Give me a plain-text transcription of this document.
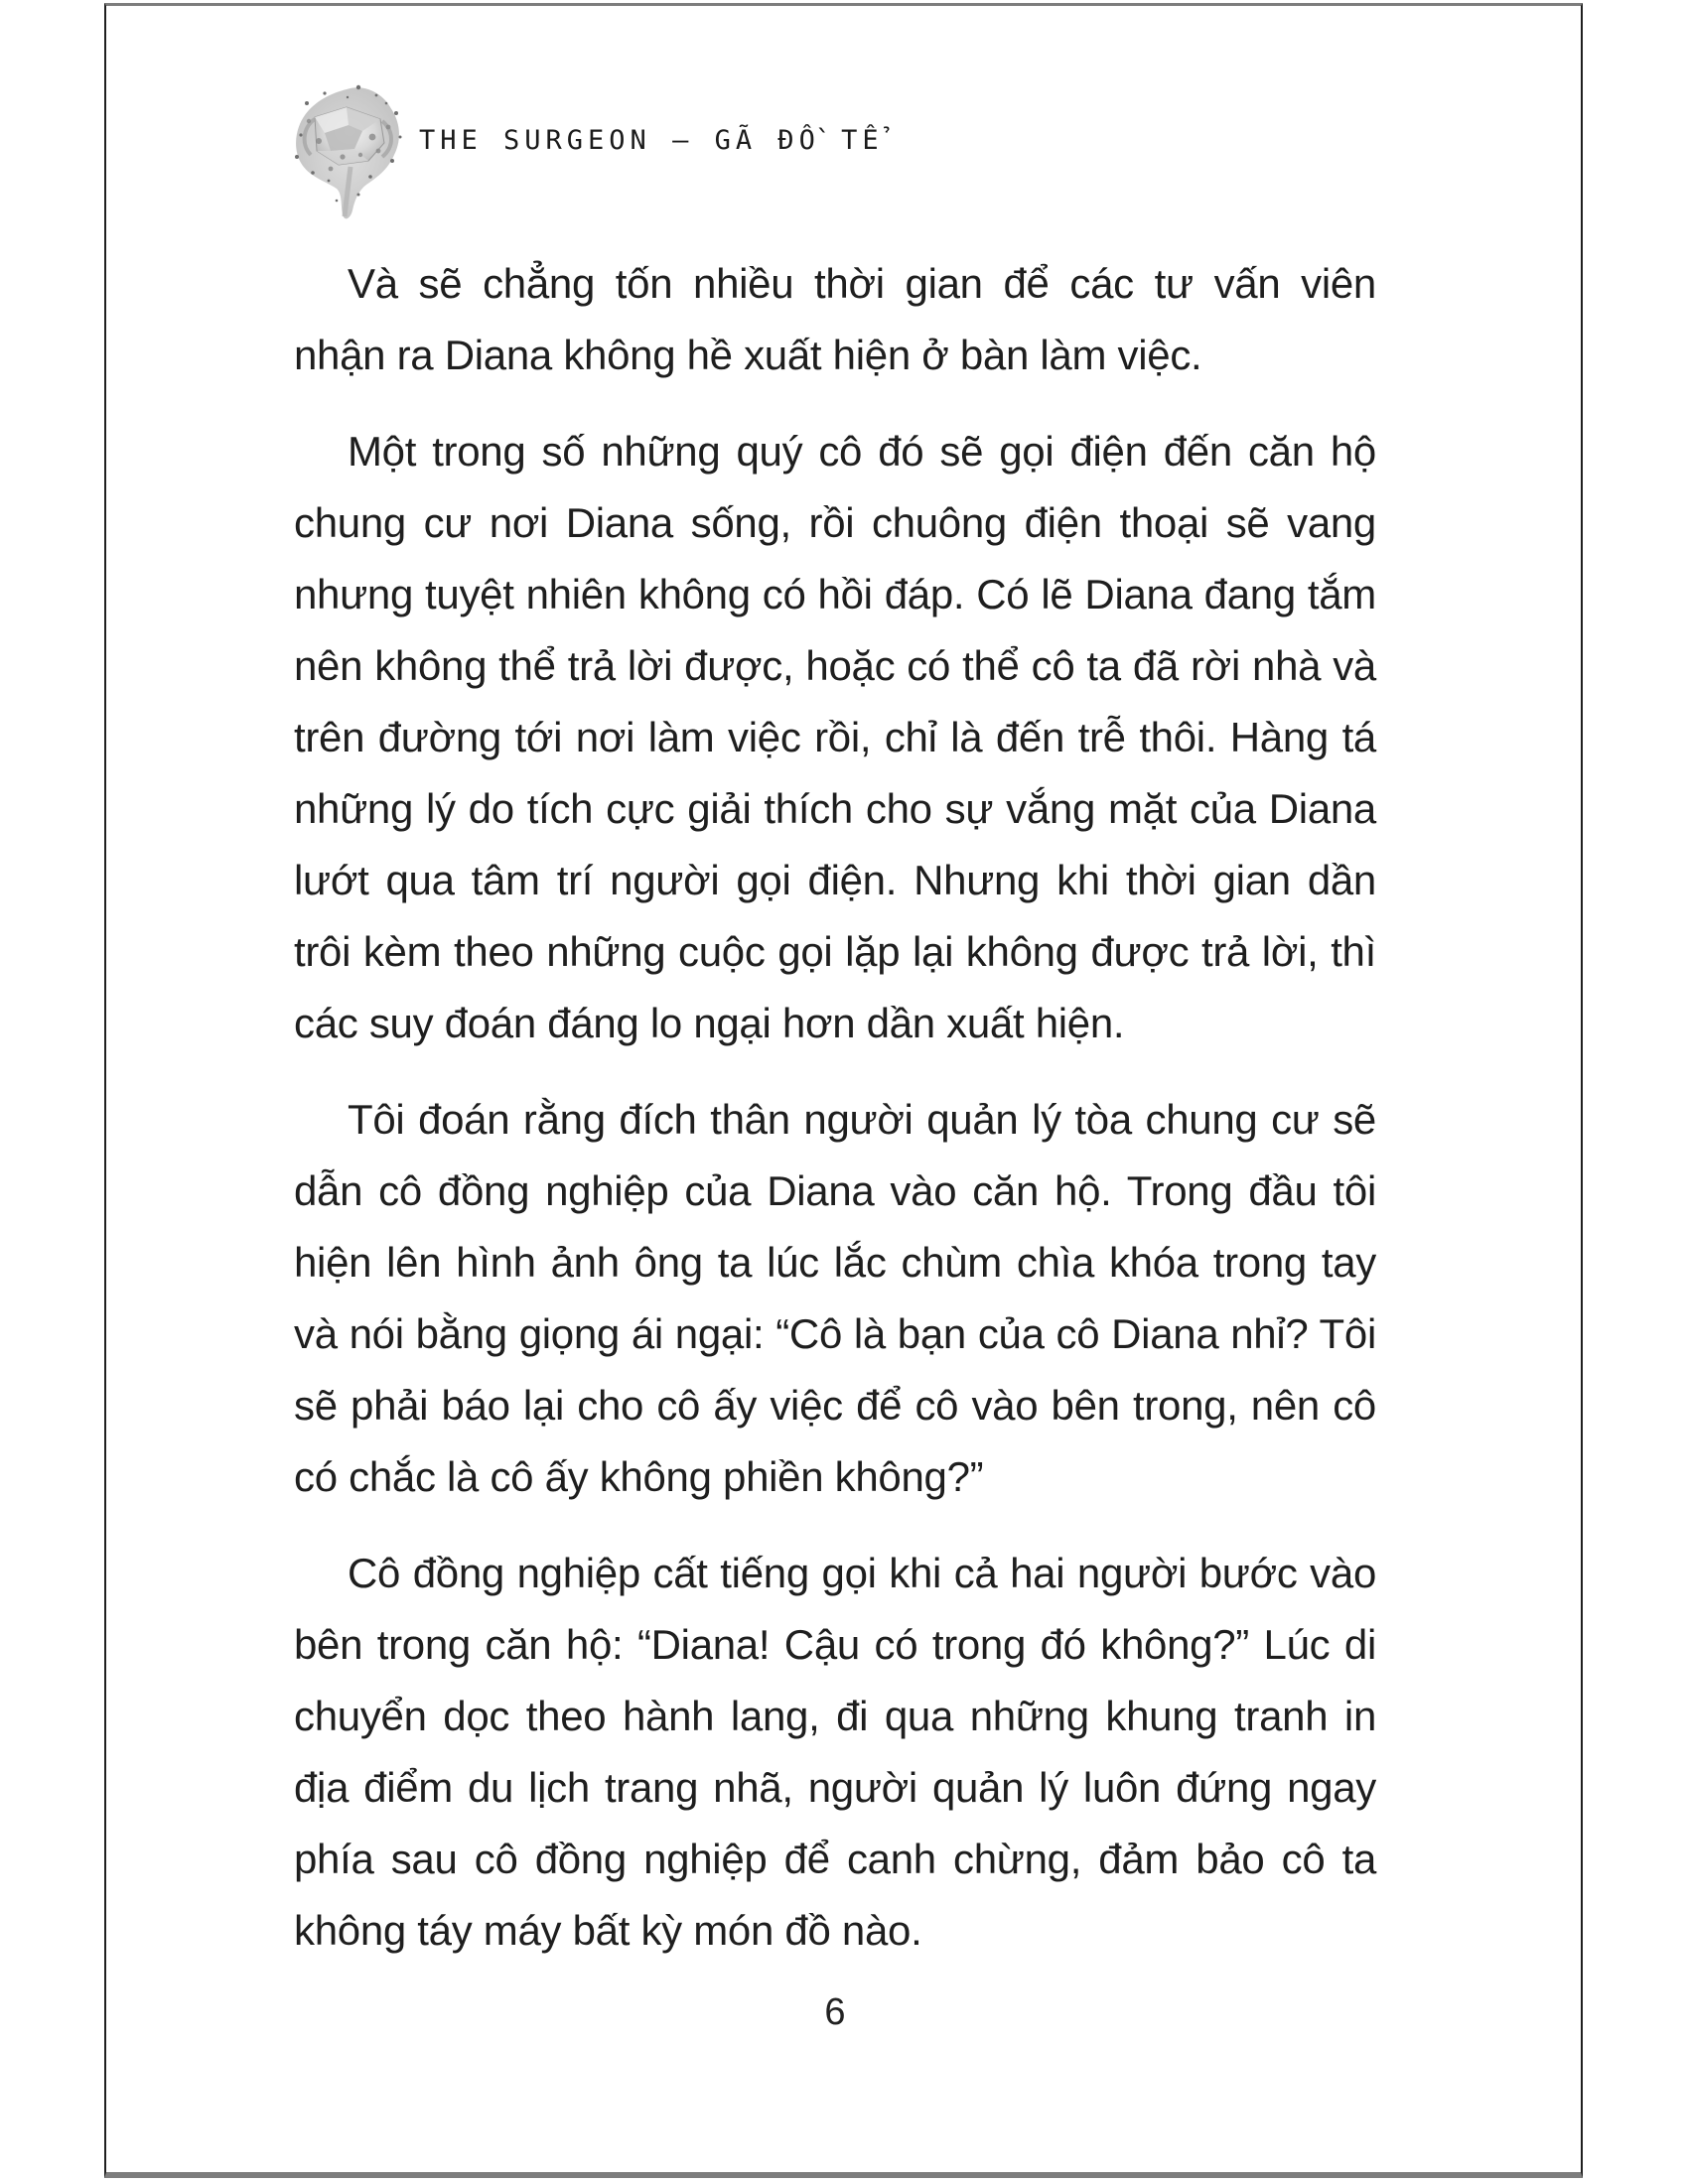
THE SURGEON – GÃ ĐỒ TỂ

Và sẽ chẳng tốn nhiều thời gian để các tư vấn viên nhận ra Diana không hề xuất hiện ở bàn làm việc.

Một trong số những quý cô đó sẽ gọi điện đến căn hộ chung cư nơi Diana sống, rồi chuông điện thoại sẽ vang nhưng tuyệt nhiên không có hồi đáp. Có lẽ Diana đang tắm nên không thể trả lời được, hoặc có thể cô ta đã rời nhà và trên đường tới nơi làm việc rồi, chỉ là đến trễ thôi. Hàng tá những lý do tích cực giải thích cho sự vắng mặt của Diana lướt qua tâm trí người gọi điện. Nhưng khi thời gian dần trôi kèm theo những cuộc gọi lặp lại không được trả lời, thì các suy đoán đáng lo ngại hơn dần xuất hiện.

Tôi đoán rằng đích thân người quản lý tòa chung cư sẽ dẫn cô đồng nghiệp của Diana vào căn hộ. Trong đầu tôi hiện lên hình ảnh ông ta lúc lắc chùm chìa khóa trong tay và nói bằng giọng ái ngại: “Cô là bạn của cô Diana nhỉ? Tôi sẽ phải báo lại cho cô ấy việc để cô vào bên trong, nên cô có chắc là cô ấy không phiền không?”

Cô đồng nghiệp cất tiếng gọi khi cả hai người bước vào bên trong căn hộ: “Diana! Cậu có trong đó không?” Lúc di chuyển dọc theo hành lang, đi qua những khung tranh in địa điểm du lịch trang nhã, người quản lý luôn đứng ngay phía sau cô đồng nghiệp để canh chừng, đảm bảo cô ta không táy máy bất kỳ món đồ nào.

6
